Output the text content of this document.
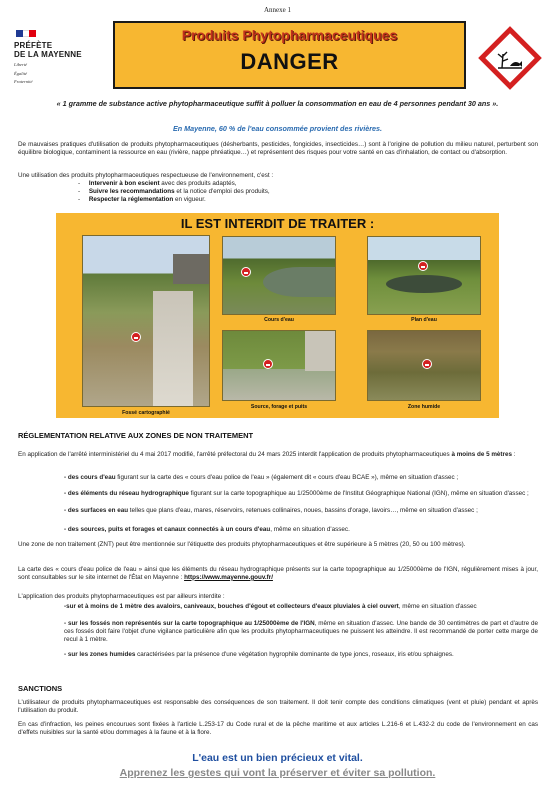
Annexe 1
PRÉFÈTE
DE LA MAYENNE
Liberté
Égalité
Fraternité
Produits Phytopharmaceutiques
DANGER
« 1 gramme de substance active phytopharmaceutique suffit à polluer la consommation en eau de 4 personnes pendant 30 ans ».
En Mayenne, 60 % de l'eau consommée provient des rivières.
De mauvaises pratiques d'utilisation de produits phytopharmaceutiques (désherbants, pesticides, fongicides, insecticides…) sont à l'origine de pollution du milieu naturel, perturbent son équilibre biologique, contaminent la ressource en eau (rivière, nappe phréatique…) et représentent des risques pour votre santé en cas d'inhalation, de contact ou d'absorption.
Une utilisation des produits phytopharmaceutiques respectueuse de l'environnement, c'est :
-     Intervenir à bon escient avec des produits adaptés,
-     Suivre les recommandations et la notice d'emploi des produits,
-     Respecter la réglementation en vigueur.
IL EST INTERDIT DE TRAITER :
Fossé cartographié
Cours d'eau	Plan d'eau
Source, forage et puits	Zone humide
RÉGLEMENTATION RELATIVE AUX ZONES DE NON TRAITEMENT
En application de l'arrêté interministériel du 4 mai 2017 modifié, l'arrêté préfectoral du 24 mars 2025 interdit l'application de produits phytopharmaceutiques à moins de 5 mètres :
- des cours d'eau figurant sur la carte des « cours d'eau police de l'eau » (également dit « cours d'eau BCAE »), même en situation d'assec ;
- des éléments du réseau hydrographique figurant sur la carte topographique au 1/25000ème de l'Institut Géographique National (IGN), même en situation d'assec ;
- des surfaces en eau telles que plans d'eau, mares, réservoirs, retenues collinaires, noues, bassins d'orage, lavoirs…, même en situation d'assec ;
- des sources, puits et forages et canaux connectés à un cours d'eau, même en situation d'assec.
Une zone de non traitement (ZNT) peut être mentionnée sur l'étiquette des produits phytopharmaceutiques et être supérieure à 5 mètres (20, 50 ou 100 mètres).
La carte des « cours d'eau police de l'eau » ainsi que les éléments du réseau hydrographique présents sur la carte topographique au 1/25000ème de l'IGN, régulièrement mises à jour, sont consultables sur le site internet de l'État en Mayenne : https://www.mayenne.gouv.fr/
L'application des produits phytopharmaceutiques est par ailleurs interdite :
-sur et à moins de 1 mètre des avaloirs, caniveaux, bouches d'égout et collecteurs d'eaux pluviales à ciel ouvert, même en situation d'assec
- sur les fossés non représentés sur la carte topographique au 1/25000ème de l'IGN, même en situation d'assec. Une bande de 30 centimètres de part et d'autre de ces fossés doit faire l'objet d'une vigilance particulière afin que les produits phytopharmaceutiques ne puissent les atteindre. Il est recommandé de porter cette marge de recul à 1 mètre.
- sur les zones humides caractérisées par la présence d'une végétation hygrophile dominante de type joncs, roseaux, iris et/ou sphaignes.
SANCTIONS
L'utilisateur de produits phytopharmaceutiques est responsable des conséquences de son traitement. Il doit tenir compte des conditions climatiques (vent et pluie) pendant et après l'utilisation du produit.
En cas d'infraction, les peines encourues sont fixées à l'article L.253-17 du Code rural et de la pêche maritime et aux articles L.216-6 et L.432-2 du code de l'environnement en cas d'effets nuisibles sur la santé et/ou dommages à la faune et à la flore.
L'eau est un bien précieux et vital.
Apprenez les gestes qui vont la préserver et éviter sa pollution.
